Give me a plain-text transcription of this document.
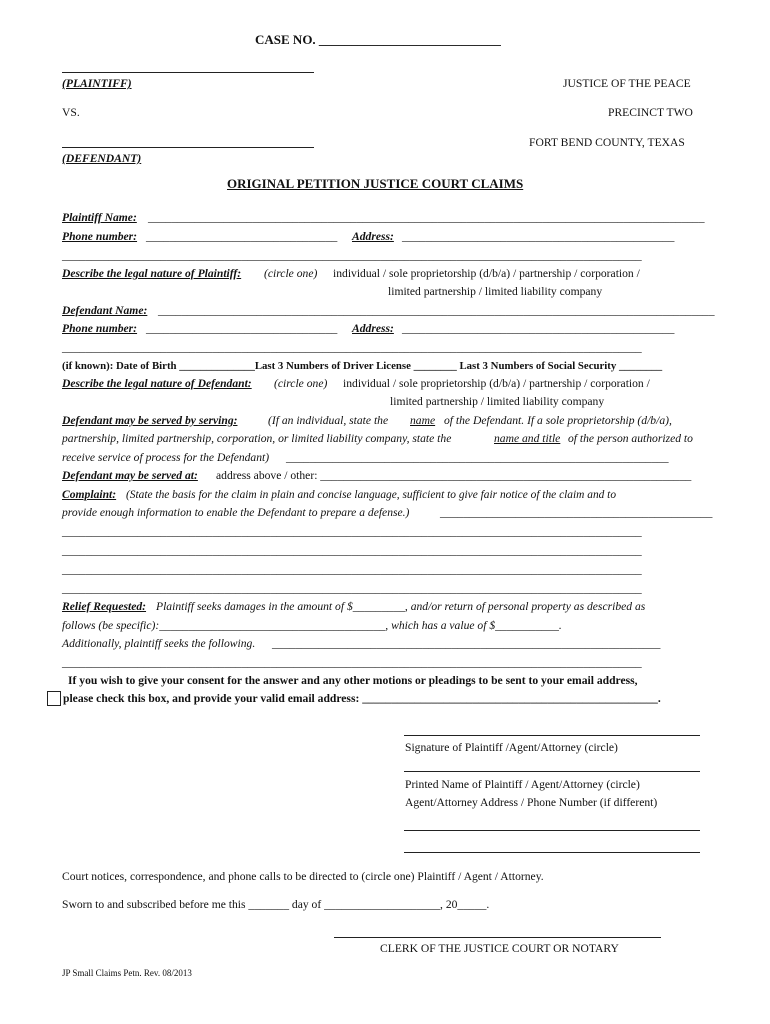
CASE NO. ____________________________
(PLAINTIFF)	JUSTICE OF THE PEACE
VS.	PRECINCT TWO
FORT BEND COUNTY, TEXAS
(DEFENDANT)
ORIGINAL PETITION JUSTICE COURT CLAIMS
Plaintiff Name: ________________________________________________________________________________________________
Phone number: _________________________________ Address: _______________________________________________
____________________________________________________________________________________________________
Describe the legal nature of Plaintiff: (circle one) individual / sole proprietorship (d/b/a) / partnership / corporation /
limited partnership / limited liability company
Defendant Name: ________________________________________________________________________________________________
Phone number: _________________________________ Address: _______________________________________________
____________________________________________________________________________________________________
(if known): Date of Birth ______________Last 3 Numbers of Driver License ________ Last 3 Numbers of Social Security ________
Describe the legal nature of Defendant: (circle one) individual / sole proprietorship (d/b/a) / partnership / corporation /
limited partnership / limited liability company
Defendant may be served by serving:	(If an individual, state the name of the Defendant. If a sole proprietorship (d/b/a),
partnership, limited partnership, corporation, or limited liability company, state the	name and title of the person authorized to
receive service of process for the Defendant) __________________________________________________________________
Defendant may be served at: address above / other: ________________________________________________________________
Complaint: (State the basis for the claim in plain and concise language, sufficient to give fair notice of the claim and to
provide enough information to enable the Defendant to prepare a defense.)	_______________________________________________
____________________________________________________________________________________________________
____________________________________________________________________________________________________
____________________________________________________________________________________________________
____________________________________________________________________________________________________
Relief Requested: Plaintiff seeks damages in the amount of $_________, and/or return of personal property as described as
follows (be specific):_______________________________________, which has a value of $___________.
Additionally, plaintiff seeks the following. ___________________________________________________________________
____________________________________________________________________________________________________
If you wish to give your consent for the answer and any other motions or pleadings to be sent to your email address,
please check this box, and provide your valid email address: ___________________________________________________.
Signature of Plaintiff /Agent/Attorney (circle)
Printed Name of Plaintiff / Agent/Attorney (circle)
Agent/Attorney Address / Phone Number (if different)
Court notices, correspondence, and phone calls to be directed to (circle one) Plaintiff / Agent / Attorney.
Sworn to and subscribed before me this _______ day of ____________________, 20_____.
CLERK OF THE JUSTICE COURT OR NOTARY
JP Small Claims Petn. Rev. 08/2013
